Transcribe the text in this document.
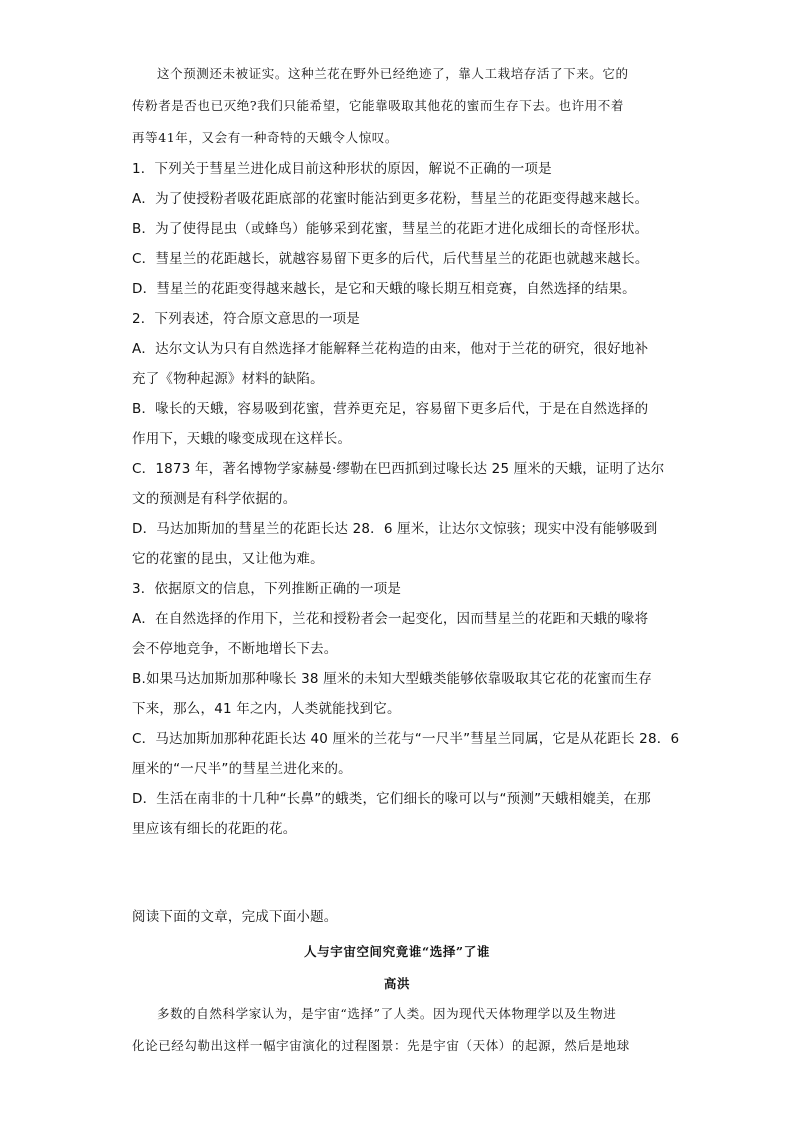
这个预测还未被证实。这种兰花在野外已经绝迹了，靠人工栽培存活了下来。它的

传粉者是否也已灭绝?我们只能希望，它能靠吸取其他花的蜜而生存下去。也许用不着

再等41年，又会有一种奇特的天蛾令人惊叹。

1．下列关于彗星兰进化成目前这种形状的原因，解说不正确的一项是

A．为了使授粉者吸花距底部的花蜜时能沾到更多花粉，彗星兰的花距变得越来越长。

B．为了使得昆虫（或蜂鸟）能够采到花蜜，彗星兰的花距才进化成细长的奇怪形状。

C．彗星兰的花距越长，就越容易留下更多的后代，后代彗星兰的花距也就越来越长。

D．彗星兰的花距变得越来越长，是它和天蛾的喙长期互相竞赛，自然选择的结果。

2．下列表述，符合原文意思的一项是

A．达尔文认为只有自然选择才能解释兰花构造的由来，他对于兰花的研究，很好地补

充了《物种起源》材料的缺陷。

B．喙长的天蛾，容易吸到花蜜，营养更充足，容易留下更多后代，于是在自然选择的

作用下，天蛾的喙变成现在这样长。

C．1873 年，著名博物学家赫曼·缪勒在巴西抓到过喙长达 25 厘米的天蛾，证明了达尔

文的预测是有科学依据的。

D．马达加斯加的彗星兰的花距长达 28．6 厘米，让达尔文惊骇；现实中没有能够吸到

它的花蜜的昆虫，又让他为难。

3．依据原文的信息，下列推断正确的一项是

A．在自然选择的作用下，兰花和授粉者会一起变化，因而彗星兰的花距和天蛾的喙将

会不停地竞争，不断地增长下去。

B.如果马达加斯加那种喙长 38 厘米的未知大型蛾类能够依靠吸取其它花的花蜜而生存

下来，那么，41 年之内，人类就能找到它。

C．马达加斯加那种花距长达 40 厘米的兰花与“一尺半”彗星兰同属，它是从花距长 28．6

厘米的“一尺半”的彗星兰进化来的。

D．生活在南非的十几种“长鼻”的蛾类，它们细长的喙可以与“预测”天蛾相媲美，在那

里应该有细长的花距的花。

阅读下面的文章，完成下面小题。

人与宇宙空间究竟谁“选择”了谁

高洪

多数的自然科学家认为，是宇宙“选择”了人类。因为现代天体物理学以及生物进

化论已经勾勒出这样一幅宇宙演化的过程图景：先是宇宙（天体）的起源，然后是地球
